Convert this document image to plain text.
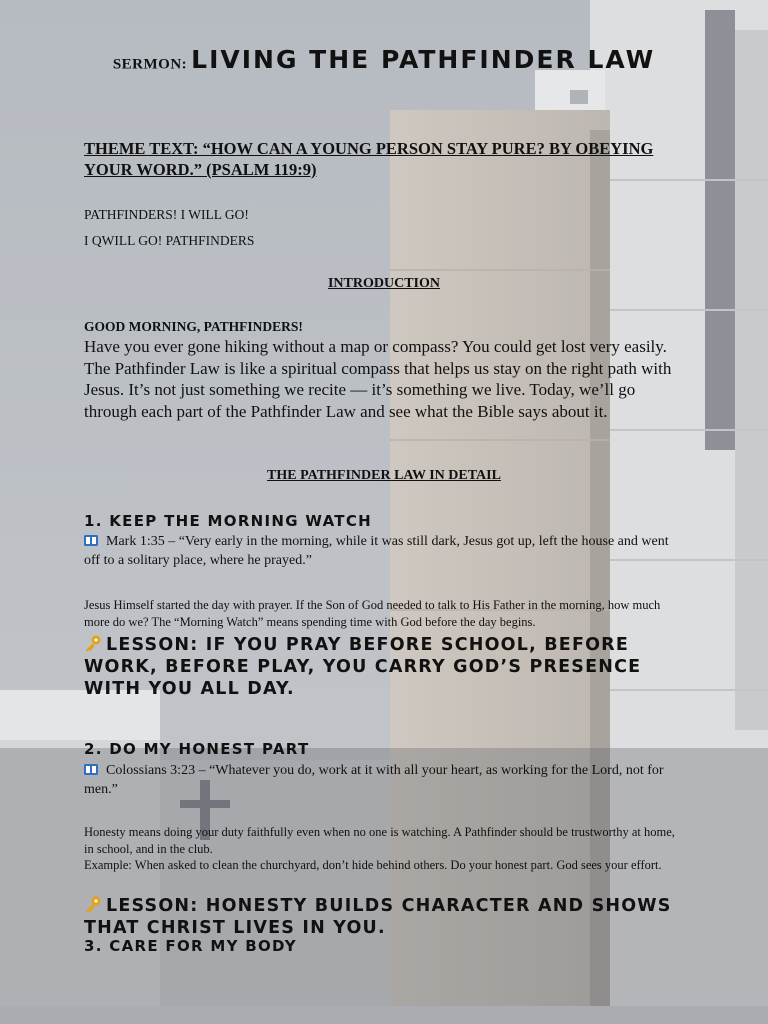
SERMON: LIVING THE PATHFINDER LAW
THEME TEXT: “HOW CAN A YOUNG PERSON STAY PURE? BY OBEYING YOUR WORD.” (PSALM 119:9)
PATHFINDERS! I WILL GO!
I QWILL GO! PATHFINDERS
INTRODUCTION
GOOD MORNING, PATHFINDERS!
Have you ever gone hiking without a map or compass? You could get lost very easily. The Pathfinder Law is like a spiritual compass that helps us stay on the right path with Jesus. It’s not just something we recite — it’s something we live. Today, we’ll go through each part of the Pathfinder Law and see what the Bible says about it.
THE PATHFINDER LAW IN DETAIL
1. KEEP THE MORNING WATCH
Mark 1:35 – “Very early in the morning, while it was still dark, Jesus got up, left the house and went off to a solitary place, where he prayed.”
Jesus Himself started the day with prayer. If the Son of God needed to talk to His Father in the morning, how much more do we? The “Morning Watch” means spending time with God before the day begins.
LESSON: IF YOU PRAY BEFORE SCHOOL, BEFORE WORK, BEFORE PLAY, YOU CARRY GOD’S PRESENCE WITH YOU ALL DAY.
2. DO MY HONEST PART
Colossians 3:23 – “Whatever you do, work at it with all your heart, as working for the Lord, not for men.”
Honesty means doing your duty faithfully even when no one is watching. A Pathfinder should be trustworthy at home, in school, and in the club.
Example: When asked to clean the churchyard, don’t hide behind others. Do your honest part. God sees your effort.
LESSON: HONESTY BUILDS CHARACTER AND SHOWS THAT CHRIST LIVES IN YOU.
3. CARE FOR MY BODY
